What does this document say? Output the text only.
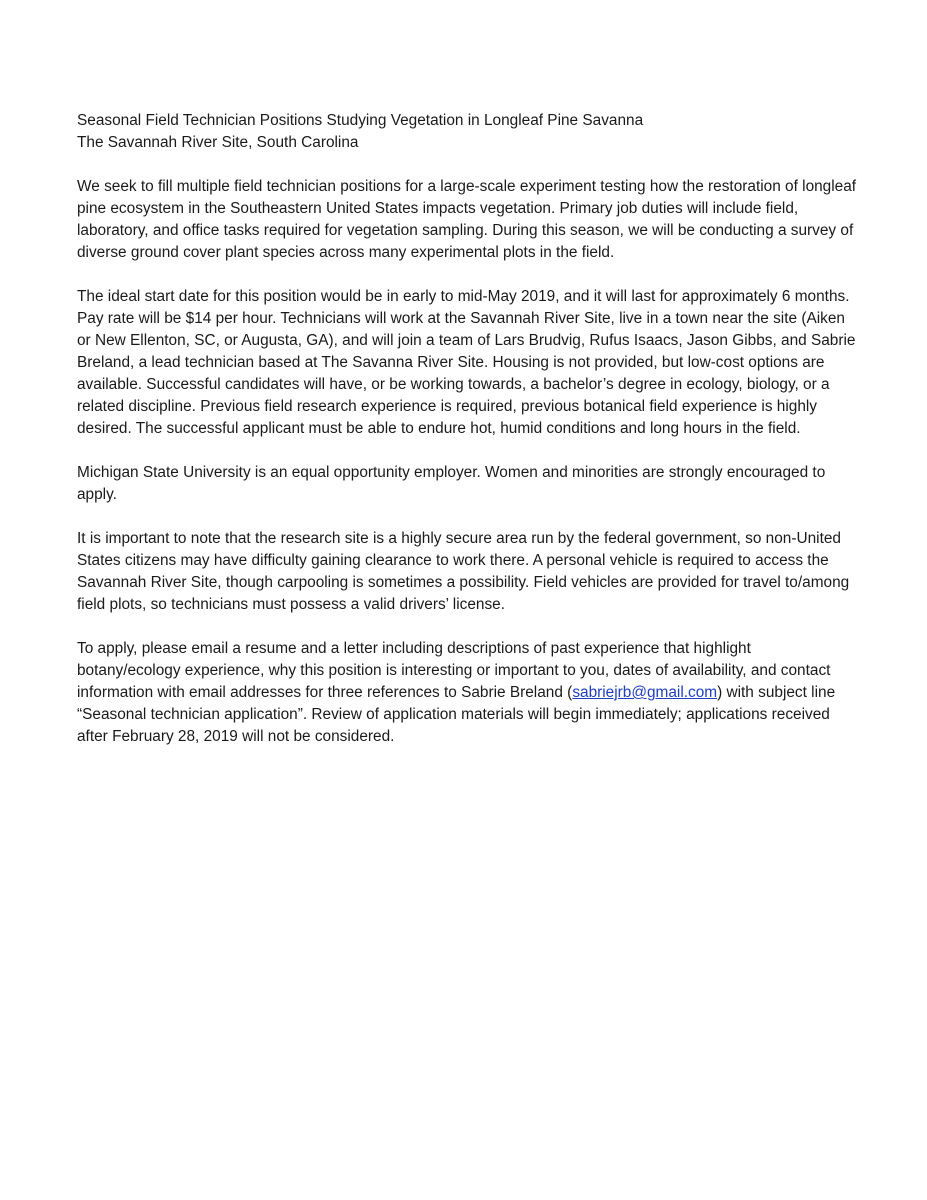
Seasonal Field Technician Positions Studying Vegetation in Longleaf Pine Savanna
The Savannah River Site, South Carolina

We seek to fill multiple field technician positions for a large-scale experiment testing how the restoration of longleaf pine ecosystem in the Southeastern United States impacts vegetation. Primary job duties will include field, laboratory, and office tasks required for vegetation sampling. During this season, we will be conducting a survey of diverse ground cover plant species across many experimental plots in the field.

The ideal start date for this position would be in early to mid-May 2019, and it will last for approximately 6 months. Pay rate will be $14 per hour. Technicians will work at the Savannah River Site, live in a town near the site (Aiken or New Ellenton, SC, or Augusta, GA), and will join a team of Lars Brudvig, Rufus Isaacs, Jason Gibbs, and Sabrie Breland, a lead technician based at The Savanna River Site. Housing is not provided, but low-cost options are available. Successful candidates will have, or be working towards, a bachelor’s degree in ecology, biology, or a related discipline. Previous field research experience is required, previous botanical field experience is highly desired. The successful applicant must be able to endure hot, humid conditions and long hours in the field.

Michigan State University is an equal opportunity employer. Women and minorities are strongly encouraged to apply.

It is important to note that the research site is a highly secure area run by the federal government, so non-United States citizens may have difficulty gaining clearance to work there. A personal vehicle is required to access the Savannah River Site, though carpooling is sometimes a possibility. Field vehicles are provided for travel to/among field plots, so technicians must possess a valid drivers’ license.

To apply, please email a resume and a letter including descriptions of past experience that highlight botany/ecology experience, why this position is interesting or important to you, dates of availability, and contact information with email addresses for three references to Sabrie Breland (sabriejrb@gmail.com) with subject line “Seasonal technician application”. Review of application materials will begin immediately; applications received after February 28, 2019 will not be considered.
